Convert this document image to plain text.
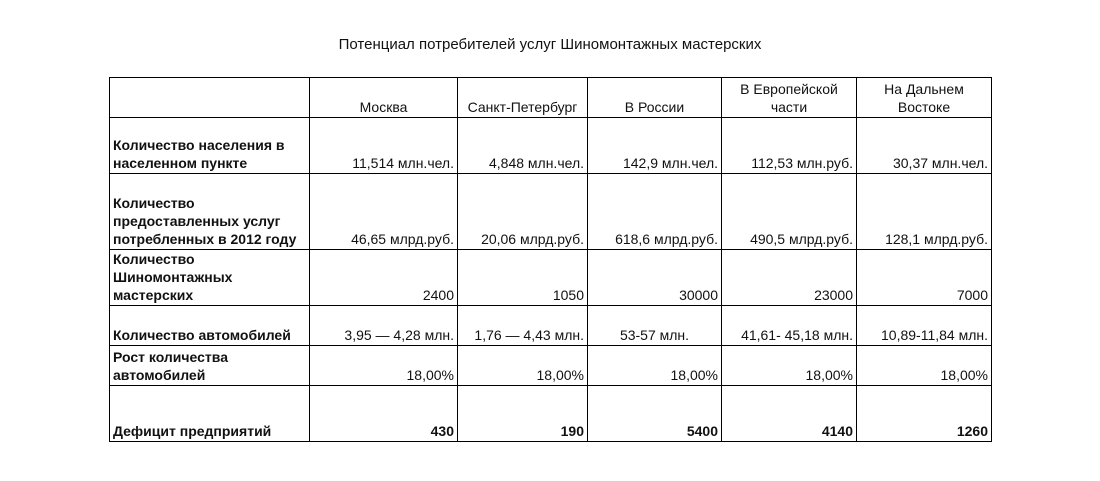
Потенциал потребителей услуг Шиномонтажных мастерских
	Москва	Санкт-Петербург	В России	В Европейской части	На Дальнем Востоке
Количество населения в населенном пункте	11,514 млн.чел.	4,848 млн.чел.	142,9 млн.чел.	112,53 млн.руб.	30,37 млн.чел.
Количество предоставленных услуг потребленных в 2012 году	46,65 млрд.руб.	20,06 млрд.руб.	618,6 млрд.руб.	490,5 млрд.руб.	128,1 млрд.руб.
Количество Шиномонтажных мастерских	2400	1050	30000	23000	7000
Количество автомобилей	3,95 — 4,28 млн.	1,76 — 4,43 млн.	53-57 млн.	41,61- 45,18 млн.	10,89-11,84 млн.
Рост количества автомобилей	18,00%	18,00%	18,00%	18,00%	18,00%
Дефицит предприятий	430	190	5400	4140	1260
